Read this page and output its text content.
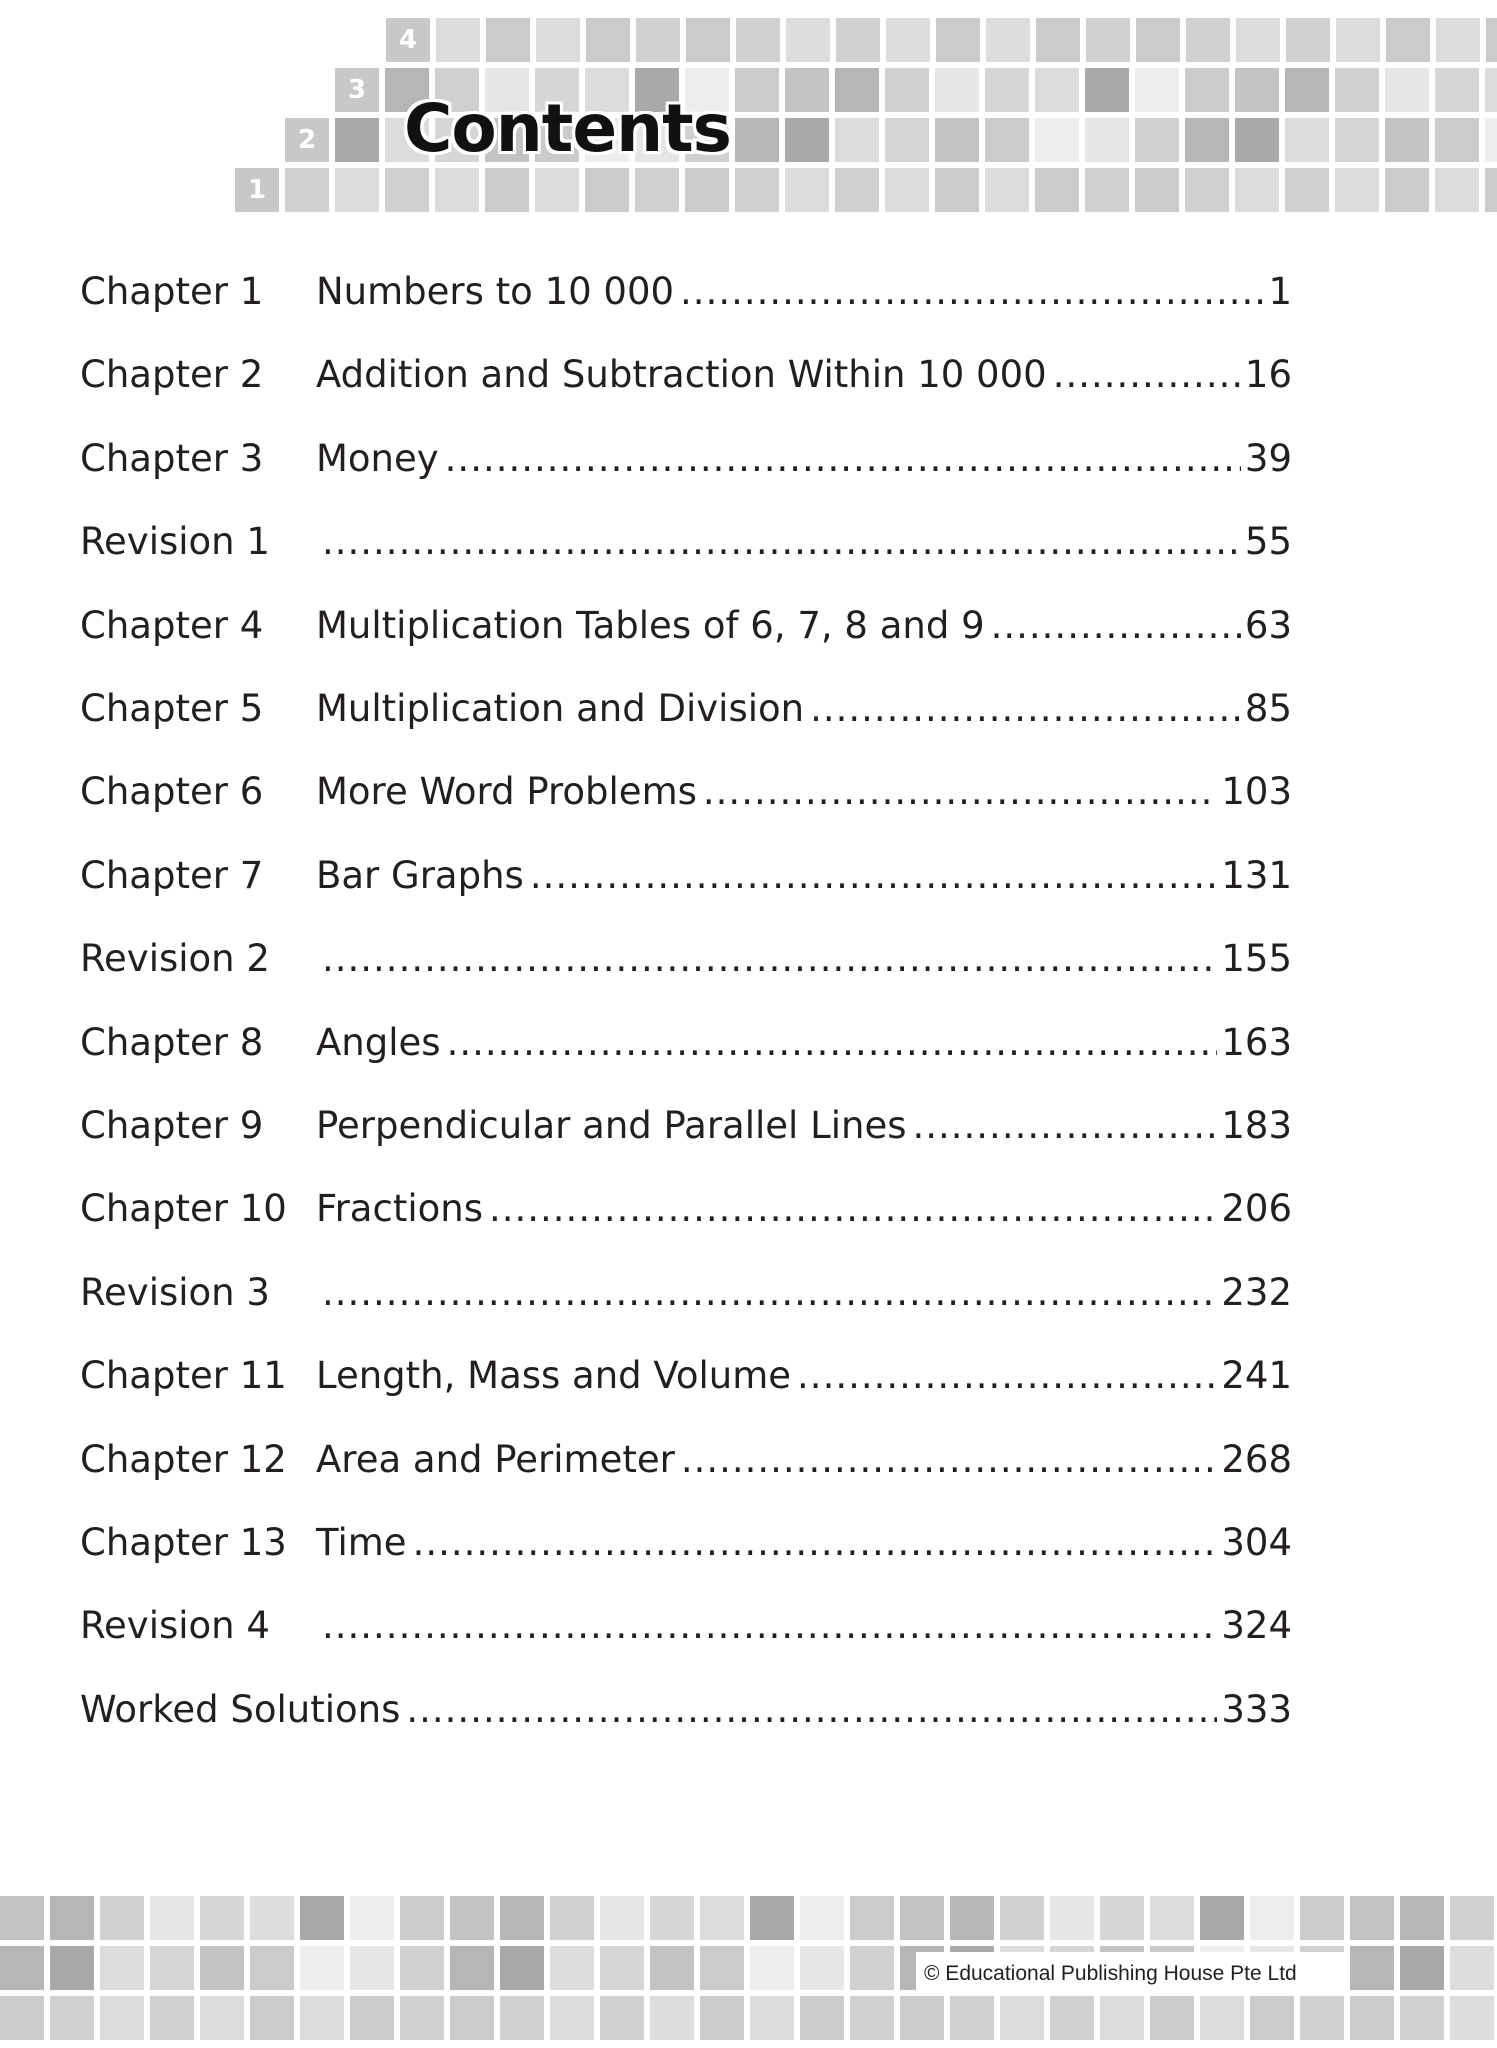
1
2
3
4
Contents
Chapter 1 Numbers to 10 000 .....	1
Chapter 2 Addition and Subtraction Within 10 000 .....	16
Chapter 3 Money .....	39
Revision 1 .....	55
Chapter 4 Multiplication Tables of 6, 7, 8 and 9 .....	63
Chapter 5 Multiplication and Division .....	85
Chapter 6 More Word Problems .....	103
Chapter 7 Bar Graphs .....	131
Revision 2 .....	155
Chapter 8 Angles .....	163
Chapter 9 Perpendicular and Parallel Lines .....	183
Chapter 10 Fractions .....	206
Revision 3 .....	232
Chapter 11 Length, Mass and Volume .....	241
Chapter 12 Area and Perimeter .....	268
Chapter 13 Time .....	304
Revision 4 .....	324
Worked Solutions .....	333
© Educational Publishing House Pte Ltd
